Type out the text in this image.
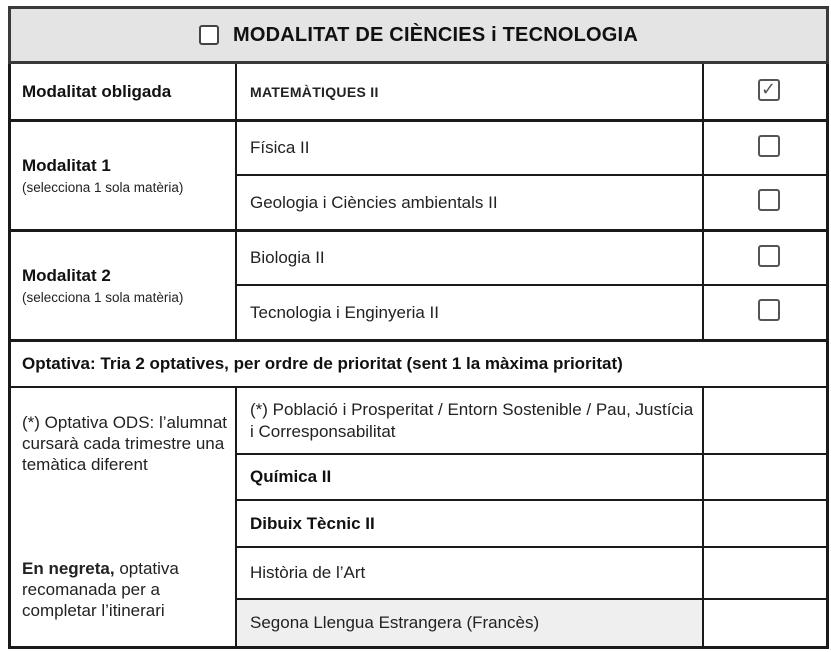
MODALITAT DE CIÈNCIES i TECNOLOGIA
Modalitat obligada	MATEMÀTIQUES II	✓
Modalitat 1
(selecciona 1 sola matèria)
Física II
Geologia i Ciències ambientals II
Modalitat 2
(selecciona 1 sola matèria)
Biologia II
Tecnologia i Enginyeria II
Optativa: Tria 2 optatives, per ordre de prioritat (sent 1 la màxima prioritat)
(*) Optativa ODS: l’alumnat cursarà cada trimestre una temàtica diferent
En negreta, optativa recomanada per a completar l’itinerari
(*) Població i Prosperitat / Entorn Sostenible / Pau, Justícia i Corresponsabilitat
Química II
Dibuix Tècnic II
Història de l’Art
Segona Llengua Estrangera (Francès)
